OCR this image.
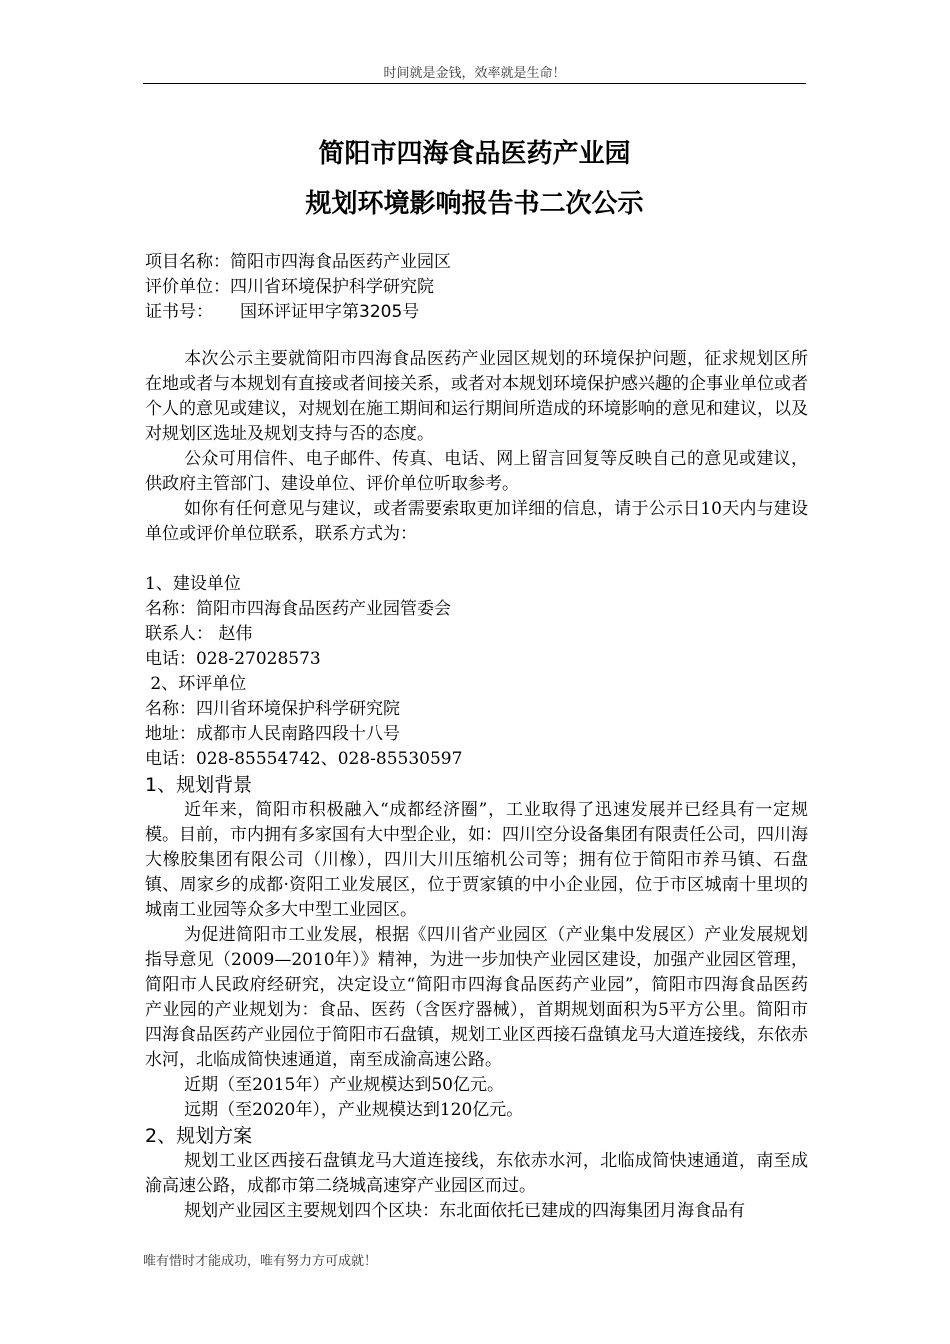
时间就是金钱，效率就是生命！
简阳市四海食品医药产业园
规划环境影响报告书二次公示
项目名称：简阳市四海食品医药产业园区
评价单位：四川省环境保护科学研究院
证书号： 国环评证甲字第3205号

本次公示主要就简阳市四海食品医药产业园区规划的环境保护问题，征求规划区所在地或者与本规划有直接或者间接关系，或者对本规划环境保护感兴趣的企事业单位或者个人的意见或建议，对规划在施工期间和运行期间所造成的环境影响的意见和建议，以及对规划区选址及规划支持与否的态度。

公众可用信件、电子邮件、传真、电话、网上留言回复等反映自己的意见或建议，供政府主管部门、建设单位、评价单位听取参考。

如你有任何意见与建议，或者需要索取更加详细的信息，请于公示日10天内与建设单位或评价单位联系，联系方式为：

1、建设单位
名称：简阳市四海食品医药产业园管委会
联系人： 赵伟
电话：028-27028573
2、环评单位
名称：四川省环境保护科学研究院
地址：成都市人民南路四段十八号
电话：028-85554742、028-85530597
1、规划背景

近年来，简阳市积极融入“成都经济圈”，工业取得了迅速发展并已经具有一定规模。目前，市内拥有多家国有大中型企业，如：四川空分设备集团有限责任公司，四川海大橡胶集团有限公司（川橡），四川大川压缩机公司等；拥有位于简阳市养马镇、石盘镇、周家乡的成都·资阳工业发展区，位于贾家镇的中小企业园，位于市区城南十里坝的城南工业园等众多大中型工业园区。

为促进简阳市工业发展，根据《四川省产业园区（产业集中发展区）产业发展规划指导意见（2009—2010年）》精神，为进一步加快产业园区建设，加强产业园区管理，简阳市人民政府经研究，决定设立“简阳市四海食品医药产业园”，简阳市四海食品医药产业园的产业规划为：食品、医药（含医疗器械），首期规划面积为5平方公里。简阳市四海食品医药产业园位于简阳市石盘镇，规划工业区西接石盘镇龙马大道连接线，东依赤水河，北临成简快速通道，南至成渝高速公路。

近期（至2015年）产业规模达到50亿元。

远期（至2020年），产业规模达到120亿元。

2、规划方案

规划工业区西接石盘镇龙马大道连接线，东依赤水河，北临成简快速通道，南至成渝高速公路，成都市第二绕城高速穿产业园区而过。

规划产业园区主要规划四个区块：东北面依托已建成的四海集团月海食品有

唯有惜时才能成功，唯有努力方可成就！
